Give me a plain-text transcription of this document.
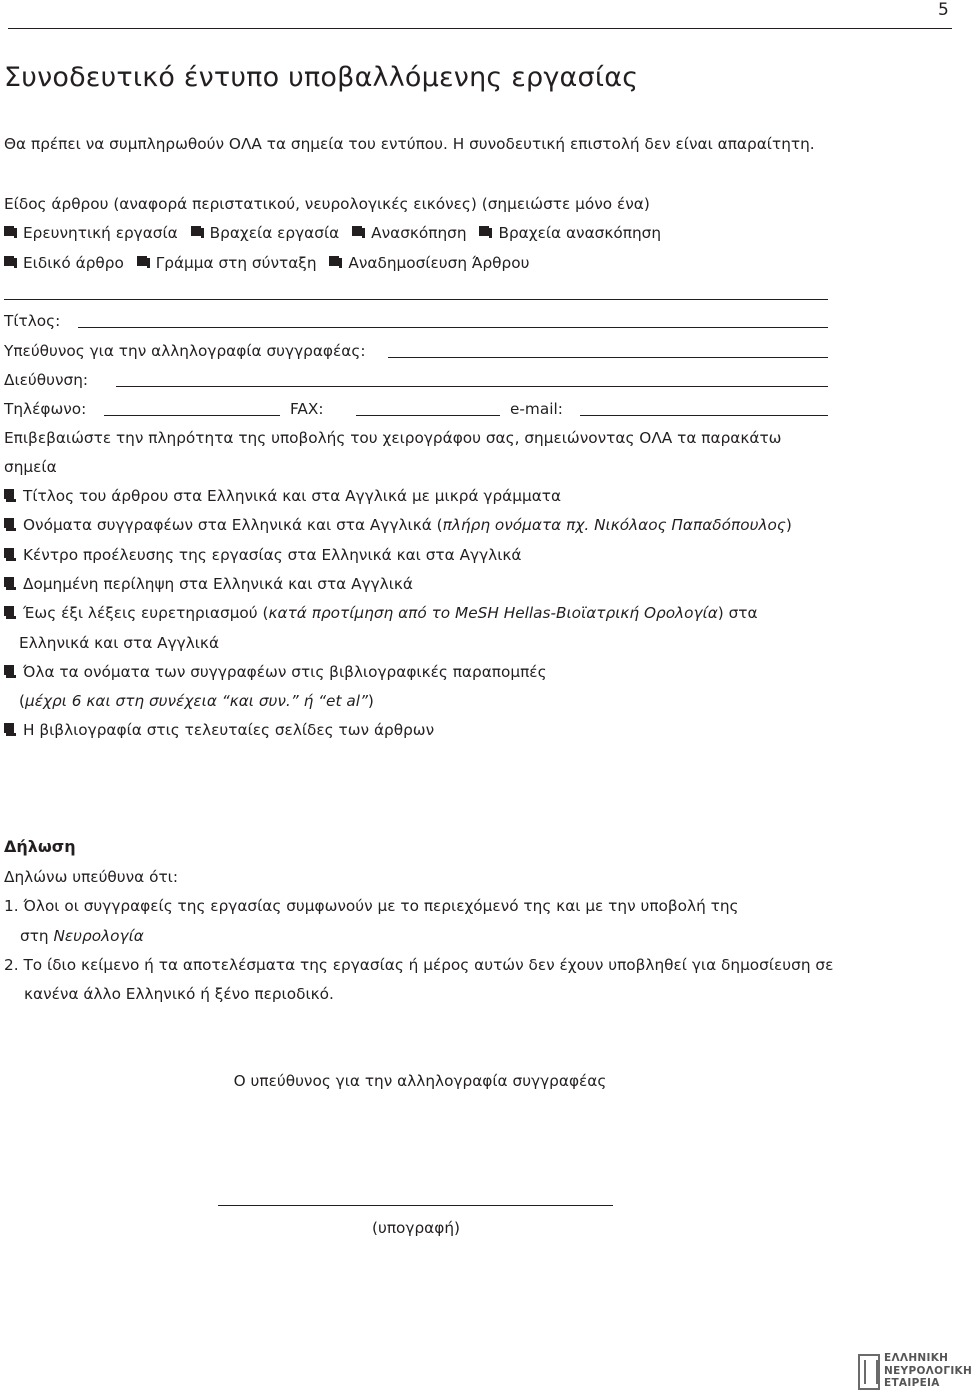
5
Συνοδευτικό έντυπο υποβαλλόμενης εργασίας
Θα πρέπει να συμπληρωθούν ΟΛΑ τα σημεία του εντύπου. Η συνοδευτική επιστολή δεν είναι απαραίτητη.
Είδος άρθρου (αναφορά περιστατικού, νευρολογικές εικόνες) (σημειώστε μόνο ένα)
Ερευνητική εργασία Βραχεία εργασία Ανασκόπηση Βραχεία ανασκόπηση
Ειδικό άρθρο Γράμμα στη σύνταξη Αναδημοσίευση Άρθρου
Τίτλος:
Υπεύθυνος για την αλληλογραφία συγγραφέας:
Διεύθυνση:
Τηλέφωνο:	FAX:	e-mail:
Επιβεβαιώστε την πληρότητα της υποβολής του χειρογράφου σας, σημειώνοντας ΟΛΑ τα παρακάτω
σημεία
Τίτλος του άρθρου στα Ελληνικά και στα Αγγλικά με μικρά γράμματα
Ονόματα συγγραφέων στα Ελληνικά και στα Αγγλικά (πλήρη ονόματα πχ. Νικόλαος Παπαδόπουλος)
Κέντρο προέλευσης της εργασίας στα Ελληνικά και στα Αγγλικά
Δομημένη περίληψη στα Ελληνικά και στα Αγγλικά
Έως έξι λέξεις ευρετηριασμού (κατά προτίμηση από το MeSH Hellas-Βιοϊατρική Ορολογία) στα
Ελληνικά και στα Αγγλικά
Όλα τα ονόματα των συγγραφέων στις βιβλιογραφικές παραπομπές
(μέχρι 6 και στη συνέχεια “και συν.” ή “et al”)
Η βιβλιογραφία στις τελευταίες σελίδες των άρθρων
Δήλωση
Δηλώνω υπεύθυνα ότι:
1. Όλοι οι συγγραφείς της εργασίας συμφωνούν με το περιεχόμενό της και με την υποβολή της
στη Νευρολογία
2. Το ίδιο κείμενο ή τα αποτελέσματα της εργασίας ή μέρος αυτών δεν έχουν υποβληθεί για δημοσίευση σε
κανένα άλλο Ελληνικό ή ξένο περιοδικό.
Ο υπεύθυνος για την αλληλογραφία συγγραφέας
(υπογραφή)
ΕΛΛΗΝΙΚΗ
ΝΕΥΡΟΛΟΓΙΚΗ
ΕΤΑΙΡΕΙΑ
